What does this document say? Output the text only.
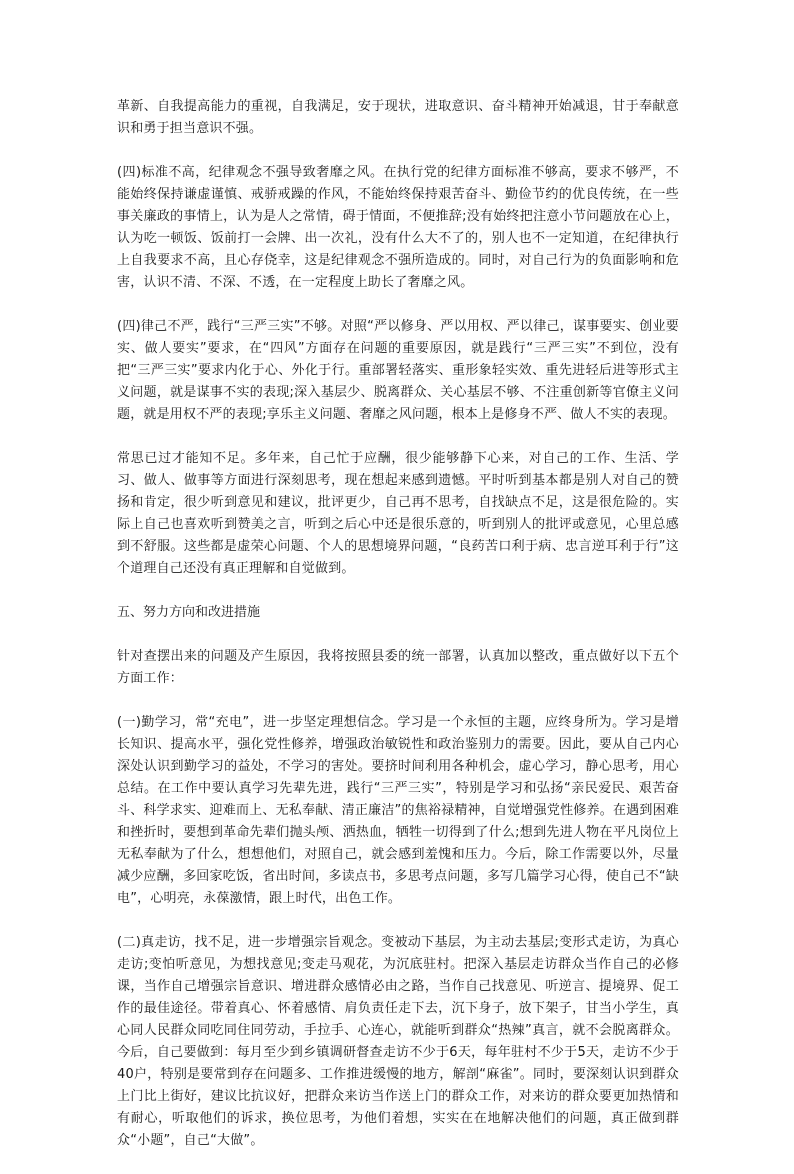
革新、自我提高能力的重视，自我满足，安于现状，进取意识、奋斗精神开始减退，甘于奉献意识和勇于担当意识不强。

(四)标准不高，纪律观念不强导致奢靡之风。在执行党的纪律方面标准不够高，要求不够严，不能始终保持谦虚谨慎、戒骄戒躁的作风，不能始终保持艰苦奋斗、勤俭节约的优良传统，在一些事关廉政的事情上，认为是人之常情，碍于情面，不便推辞;没有始终把注意小节问题放在心上，认为吃一顿饭、饭前打一会牌、出一次礼，没有什么大不了的，别人也不一定知道，在纪律执行上自我要求不高，且心存侥幸，这是纪律观念不强所造成的。同时，对自己行为的负面影响和危害，认识不清、不深、不透，在一定程度上助长了奢靡之风。

(四)律己不严，践行“三严三实”不够。对照“严以修身、严以用权、严以律己，谋事要实、创业要实、做人要实”要求，在“四风”方面存在问题的重要原因，就是践行“三严三实”不到位，没有把“三严三实”要求内化于心、外化于行。重部署轻落实、重形象轻实效、重先进轻后进等形式主义问题，就是谋事不实的表现;深入基层少、脱离群众、关心基层不够、不注重创新等官僚主义问题，就是用权不严的表现;享乐主义问题、奢靡之风问题，根本上是修身不严、做人不实的表现。

常思已过才能知不足。多年来，自己忙于应酬，很少能够静下心来，对自己的工作、生活、学习、做人、做事等方面进行深刻思考，现在想起来感到遗憾。平时听到基本都是别人对自己的赞扬和肯定，很少听到意见和建议，批评更少，自己再不思考，自找缺点不足，这是很危险的。实际上自己也喜欢听到赞美之言，听到之后心中还是很乐意的，听到别人的批评或意见，心里总感到不舒服。这些都是虚荣心问题、个人的思想境界问题，“良药苦口利于病、忠言逆耳利于行”这个道理自己还没有真正理解和自觉做到。

五、努力方向和改进措施

针对查摆出来的问题及产生原因，我将按照县委的统一部署，认真加以整改，重点做好以下五个方面工作：

(一)勤学习，常“充电”，进一步坚定理想信念。学习是一个永恒的主题，应终身所为。学习是增长知识、提高水平，强化党性修养，增强政治敏锐性和政治鉴别力的需要。因此，要从自己内心深处认识到勤学习的益处，不学习的害处。要挤时间利用各种机会，虚心学习，静心思考，用心总结。在工作中要认真学习先辈先进，践行“三严三实”，特别是学习和弘扬“亲民爱民、艰苦奋斗、科学求实、迎难而上、无私奉献、清正廉洁”的焦裕禄精神，自觉增强党性修养。在遇到困难和挫折时，要想到革命先辈们抛头颅、洒热血，牺牲一切得到了什么;想到先进人物在平凡岗位上无私奉献为了什么，想想他们，对照自己，就会感到羞愧和压力。今后，除工作需要以外，尽量减少应酬，多回家吃饭，省出时间，多读点书，多思考点问题，多写几篇学习心得，使自己不“缺电”，心明亮，永葆激情，跟上时代，出色工作。

(二)真走访，找不足，进一步增强宗旨观念。变被动下基层，为主动去基层;变形式走访，为真心走访;变怕听意见，为想找意见;变走马观花，为沉底驻村。把深入基层走访群众当作自己的必修课，当作自己增强宗旨意识、增进群众感情必由之路，当作自己找意见、听逆言、提境界、促工作的最佳途径。带着真心、怀着感情、肩负责任走下去，沉下身子，放下架子，甘当小学生，真心同人民群众同吃同住同劳动，手拉手、心连心，就能听到群众“热辣”真言，就不会脱离群众。今后，自己要做到：每月至少到乡镇调研督查走访不少于6天，每年驻村不少于5天，走访不少于40户，特别是要常到存在问题多、工作推进缓慢的地方，解剖“麻雀”。同时，要深刻认识到群众上门比上街好，建议比抗议好，把群众来访当作送上门的群众工作，对来访的群众要更加热情和有耐心，听取他们的诉求，换位思考，为他们着想，实实在在地解决他们的问题，真正做到群众“小题”，自己“大做”。
